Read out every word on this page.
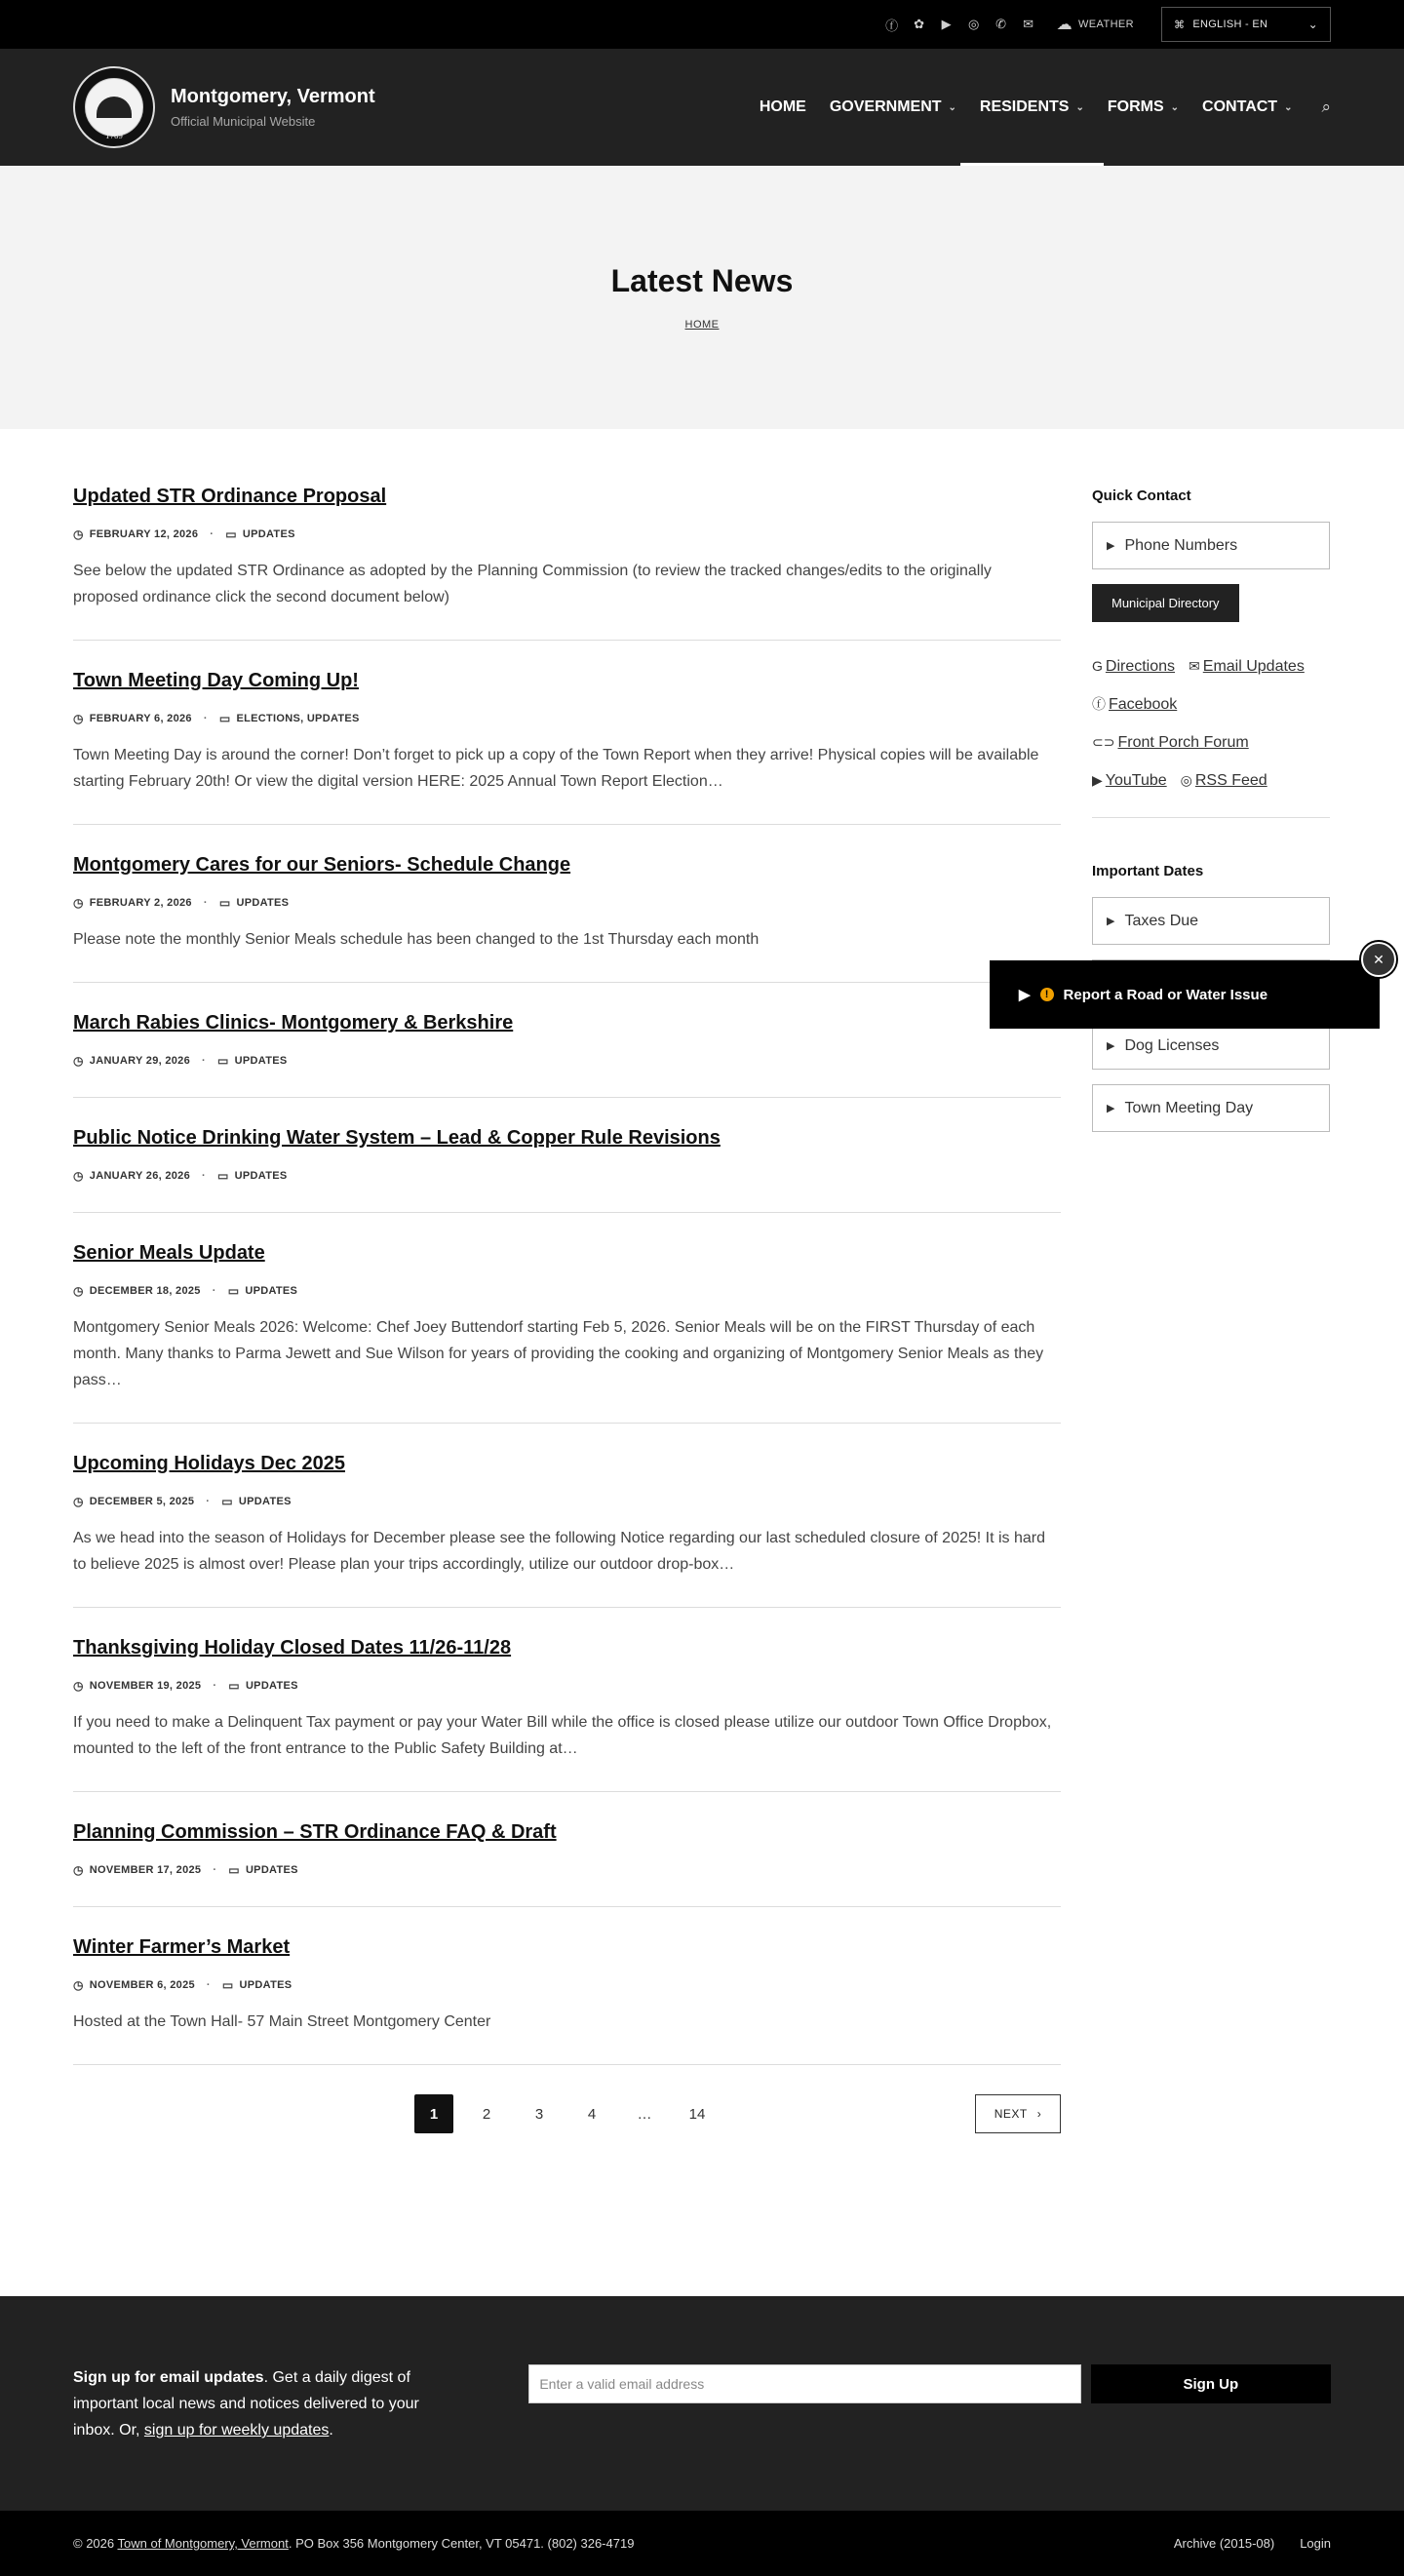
ⓕ ✿	▶	◎ ✆ ✉ ☁ WEATHER	⌘ ENGLISH - EN	⌄
1789
Montgomery, Vermont
Official Municipal Website
HOME GOVERNMENT ⌄ RESIDENTS ⌄ FORMS ⌄ CONTACT ⌄ ⌕
Latest News
HOME
Updated STR Ordinance Proposal
◷ FEBRUARY 12, 2026 · ▭ UPDATES

See below the updated STR Ordinance as adopted by the Planning Commission (to review the tracked changes/edits to the originally proposed ordinance click the second document below)

Town Meeting Day Coming Up!
◷ FEBRUARY 6, 2026 · ▭ ELECTIONS, UPDATES

Town Meeting Day is around the corner! Don’t forget to pick up a copy of the Town Report when they arrive! Physical copies will be available starting February 20th! Or view the digital version HERE: 2025 Annual Town Report Election…

Montgomery Cares for our Seniors- Schedule Change
◷ FEBRUARY 2, 2026 · ▭ UPDATES

Please note the monthly Senior Meals schedule has been changed to the 1st Thursday each month

March Rabies Clinics- Montgomery & Berkshire
◷ JANUARY 29, 2026 · ▭ UPDATES
Public Notice Drinking Water System – Lead & Copper Rule Revisions
◷ JANUARY 26, 2026 · ▭ UPDATES
Senior Meals Update
◷ DECEMBER 18, 2025 · ▭ UPDATES

Montgomery Senior Meals 2026: Welcome: Chef Joey Buttendorf starting Feb 5, 2026. Senior Meals will be on the FIRST Thursday of each month. Many thanks to Parma Jewett and Sue Wilson for years of providing the cooking and organizing of Montgomery Senior Meals as they pass…

Upcoming Holidays Dec 2025
◷ DECEMBER 5, 2025 · ▭ UPDATES

As we head into the season of Holidays for December please see the following Notice regarding our last scheduled closure of 2025! It is hard to believe 2025 is almost over! Please plan your trips accordingly, utilize our outdoor drop-box…

Thanksgiving Holiday Closed Dates 11/26-11/28
◷ NOVEMBER 19, 2025 · ▭ UPDATES

If you need to make a Delinquent Tax payment or pay your Water Bill while the office is closed please utilize our outdoor Town Office Dropbox, mounted to the left of the front entrance to the Public Safety Building at…

Planning Commission – STR Ordinance FAQ & Draft
◷ NOVEMBER 17, 2025 · ▭ UPDATES
Winter Farmer’s Market
◷ NOVEMBER 6, 2025 · ▭ UPDATES

Hosted at the Town Hall- 57 Main Street Montgomery Center

1	2	3	4	…	14	NEXT ›
Quick Contact
▶ Phone Numbers
Municipal Directory
G Directions ✉ Email Updates
ⓕ Facebook
⊂⊃ Front Porch Forum
▶ YouTube ◎ RSS Feed
Important Dates
▶ Taxes Due
▶ Dog Licenses
▶ Town Meeting Day
▶	!	Report a Road or Water Issue
✕
Sign up for email updates. Get a daily digest of important local news and notices delivered to your inbox. Or, sign up for weekly updates.
Enter a valid email address
Sign Up
© 2026 Town of Montgomery, Vermont. PO Box 356 Montgomery Center, VT 05471. (802) 326-4719	Archive (2015-08) Login
